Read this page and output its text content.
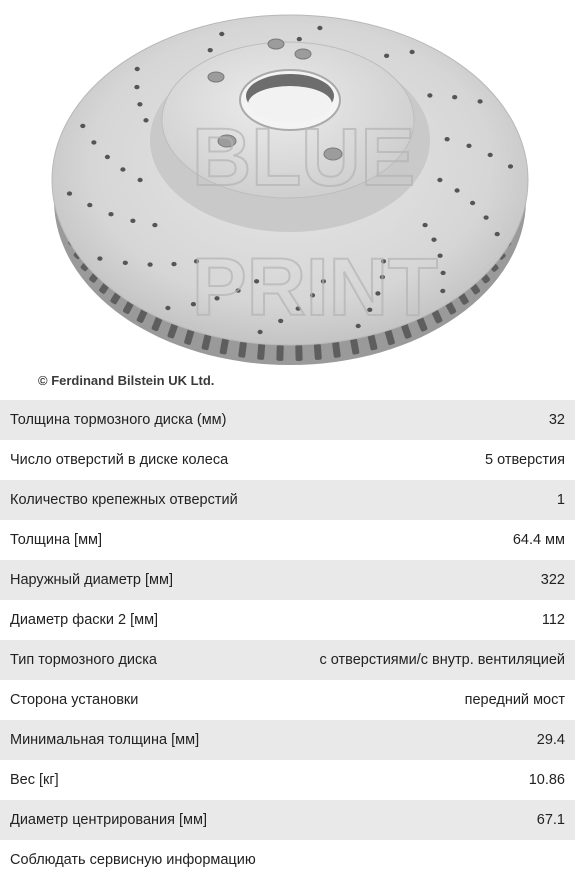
BLUE
PRINT
© Ferdinand Bilstein UK Ltd.
Толщина тормозного диска (мм)	32
Число отверстий в диске колеса	5 отверстия
Количество крепежных отверстий	1
Толщина [мм]	64.4 мм
Наружный диаметр [мм]	322
Диаметр фаски 2 [мм]	112
Тип тормозного диска	с отверстиями/с внутр. вентиляцией
Сторона установки	передний мост
Минимальная толщина [мм]	29.4
Вес [кг]	10.86
Диаметр центрирования [мм]	67.1
Соблюдать сервисную информацию
